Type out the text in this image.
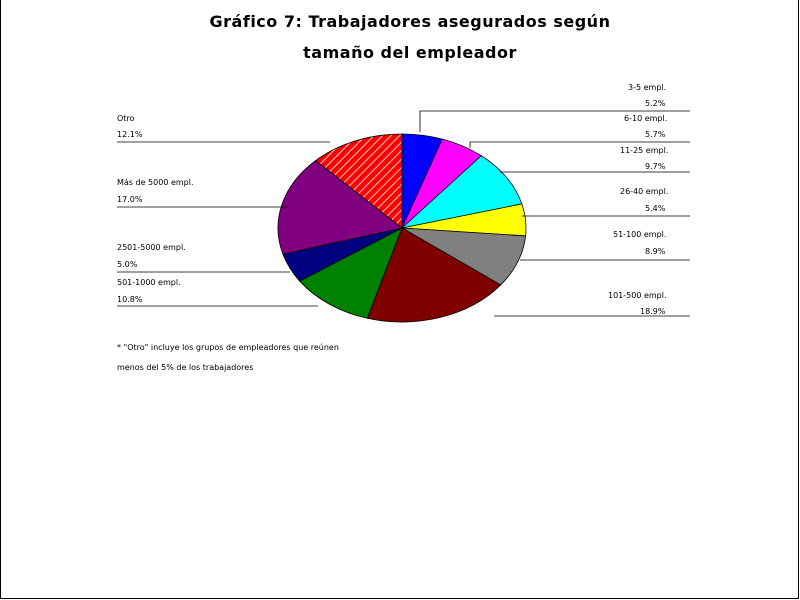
Gráfico 7: Trabajadores asegurados según
tamaño del empleador
3-5 empl.
5.2%
6-10 empl.
5.7%
11-25 empl.
9.7%
26-40 empl.
5.4%
51-100 empl.
8.9%
101-500 empl.
18.9%
Otro
12.1%
Más de 5000 empl.
17.0%
2501-5000 empl.
5.0%
501-1000 empl.
10.8%
* "Otro" incluye los grupos de empleadores que reúnen
menos del 5% de los trabajadores
